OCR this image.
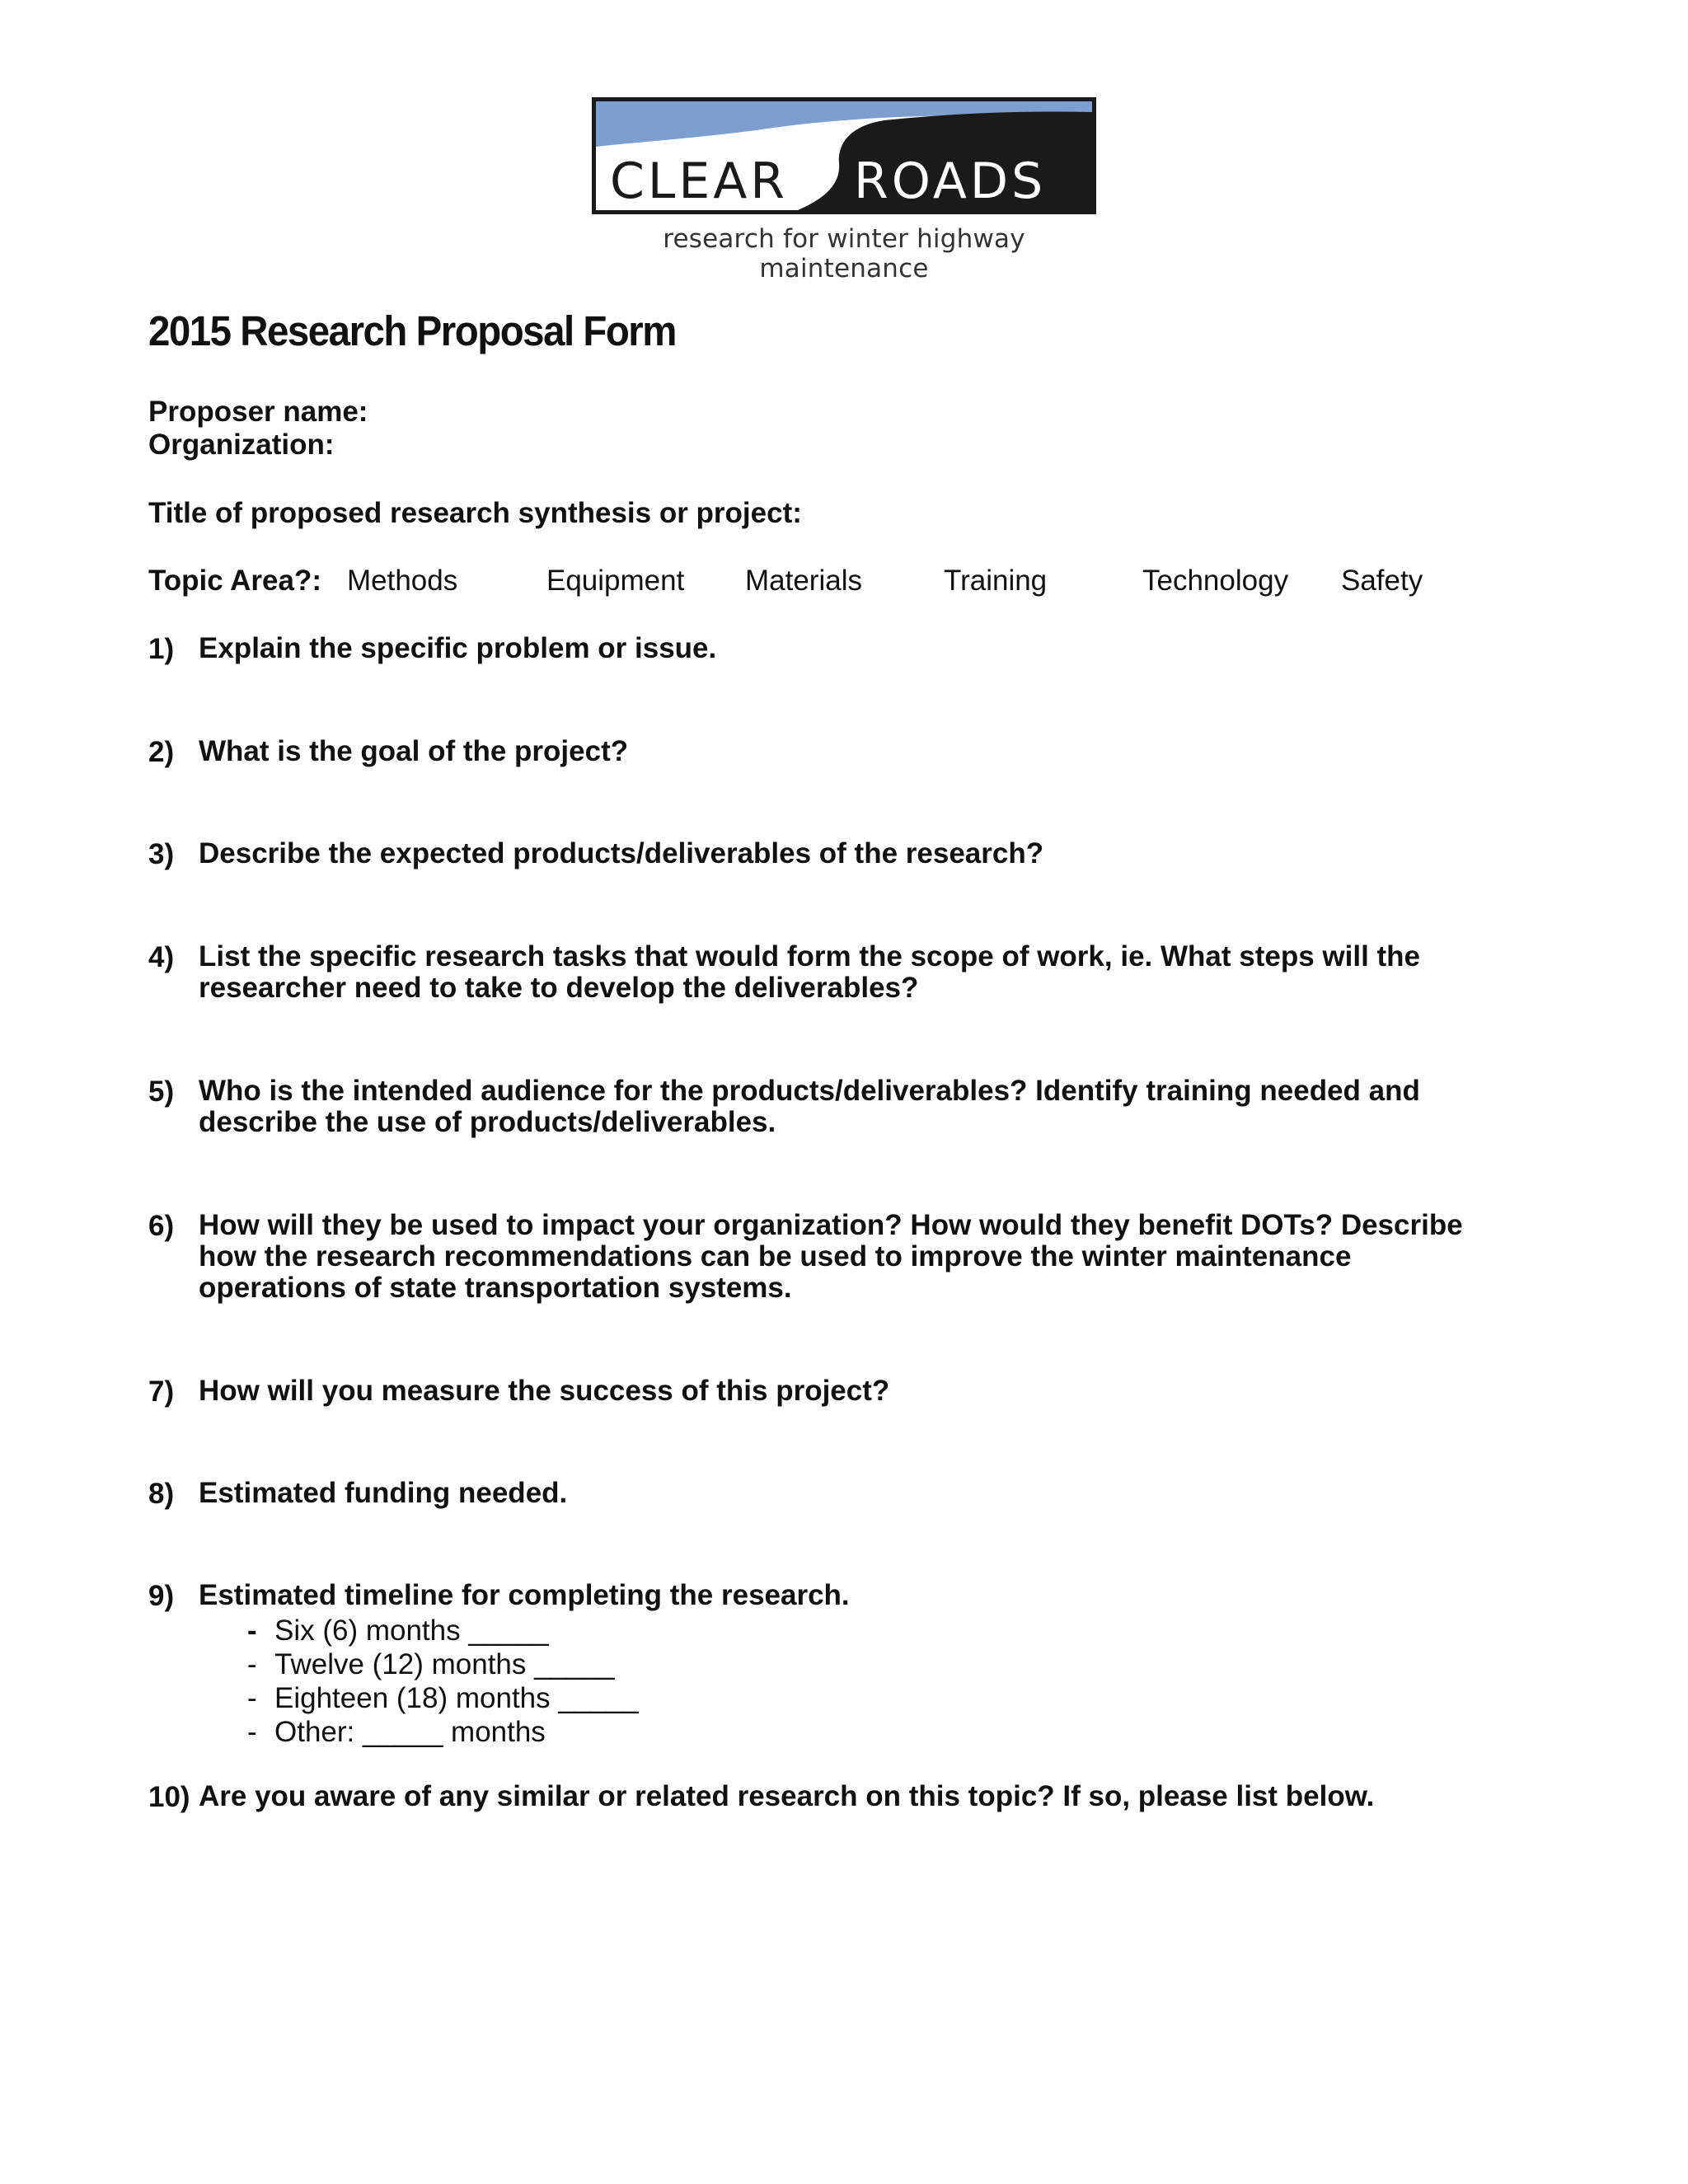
CLEAR ROADS
research for winter highway maintenance
2015 Research Proposal Form
Proposer name:
Organization:
Title of proposed research synthesis or project:
Topic Area?: Methods	Equipment Materials	Training	Technology Safety
1) Explain the specific problem or issue.
2) What is the goal of the project?
3) Describe the expected products/deliverables of the research?
4) List the specific research tasks that would form the scope of work, ie. What steps will the
researcher need to take to develop the deliverables?
5) Who is the intended audience for the products/deliverables? Identify training needed and
describe the use of products/deliverables.
6) How will they be used to impact your organization? How would they benefit DOTs? Describe
how the research recommendations can be used to improve the winter maintenance
operations of state transportation systems.
7) How will you measure the success of this project?
8) Estimated funding needed.
9) Estimated timeline for completing the research.
- Six (6) months _____
- Twelve (12) months _____
- Eighteen (18) months _____
- Other: _____ months
10) Are you aware of any similar or related research on this topic? If so, please list below.
